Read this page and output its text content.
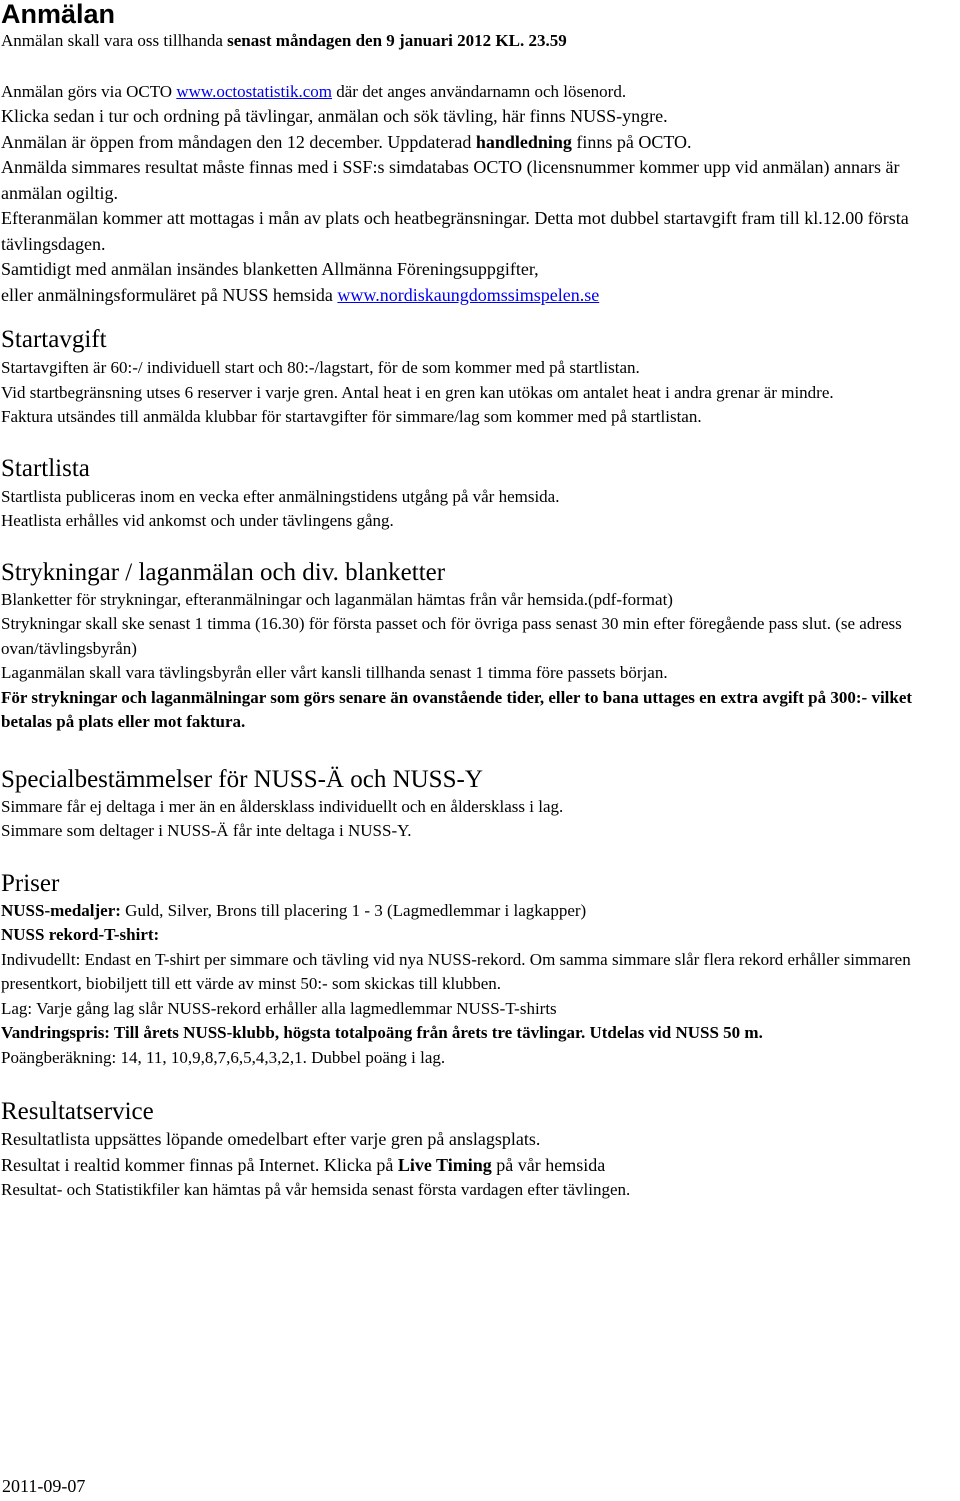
Anmälan

Anmälan skall vara oss tillhanda senast måndagen den 9 januari 2012 KL. 23.59

Anmälan görs via OCTO www.octostatistik.com där det anges användarnamn och lösenord.

Klicka sedan i tur och ordning på tävlingar, anmälan och sök tävling, här finns NUSS-yngre.

Anmälan är öppen from måndagen den 12 december. Uppdaterad handledning finns på OCTO.

Anmälda simmares resultat måste finnas med i SSF:s simdatabas OCTO (licensnummer kommer upp vid anmälan) annars är anmälan ogiltig.

Efteranmälan kommer att mottagas i mån av plats och heatbegränsningar. Detta mot dubbel startavgift fram till kl.12.00 första tävlingsdagen.

Samtidigt med anmälan insändes blanketten Allmänna Föreningsuppgifter,

eller anmälningsformuläret på NUSS hemsida www.nordiskaungdomssimspelen.se

Startavgift

Startavgiften är 60:-/ individuell start och 80:-/lagstart, för de som kommer med på startlistan.

Vid startbegränsning utses 6 reserver i varje gren. Antal heat i en gren kan utökas om antalet heat i andra grenar är mindre.

Faktura utsändes till anmälda klubbar för startavgifter för simmare/lag som kommer med på startlistan.

Startlista

Startlista publiceras inom en vecka efter anmälningstidens utgång på vår hemsida.

Heatlista erhålles vid ankomst och under tävlingens gång.

Strykningar / laganmälan och div. blanketter

Blanketter för strykningar, efteranmälningar och laganmälan hämtas från vår hemsida.(pdf-format)

Strykningar skall ske senast 1 timma (16.30) för första passet och för övriga pass senast 30 min efter föregående pass slut. (se adress ovan/tävlingsbyrån)

Laganmälan skall vara tävlingsbyrån eller vårt kansli tillhanda senast 1 timma före passets början.

För strykningar och laganmälningar som görs senare än ovanstående tider, eller to bana uttages en extra avgift på 300:- vilket betalas på plats eller mot faktura.

Specialbestämmelser för NUSS-Ä och NUSS-Y

Simmare får ej deltaga i mer än en åldersklass individuellt och en åldersklass i lag.

Simmare som deltager i NUSS-Ä får inte deltaga i NUSS-Y.

Priser

NUSS-medaljer: Guld, Silver, Brons till placering 1 - 3 (Lagmedlemmar i lagkapper)

NUSS rekord-T-shirt:

Indivudellt: Endast en T-shirt per simmare och tävling vid nya NUSS-rekord. Om samma simmare slår flera rekord erhåller simmaren presentkort, biobiljett till ett värde av minst 50:- som skickas till klubben.

Lag: Varje gång lag slår NUSS-rekord erhåller alla lagmedlemmar NUSS-T-shirts

Vandringspris: Till årets NUSS-klubb, högsta totalpoäng från årets tre tävlingar. Utdelas vid NUSS 50 m.

Poängberäkning: 14, 11, 10,9,8,7,6,5,4,3,2,1. Dubbel poäng i lag.

Resultatservice

Resultatlista uppsättes löpande omedelbart efter varje gren på anslagsplats.

Resultat i realtid kommer finnas på Internet. Klicka på Live Timing på vår hemsida

Resultat- och Statistikfiler kan hämtas på vår hemsida senast första vardagen efter tävlingen.

2011-09-07
